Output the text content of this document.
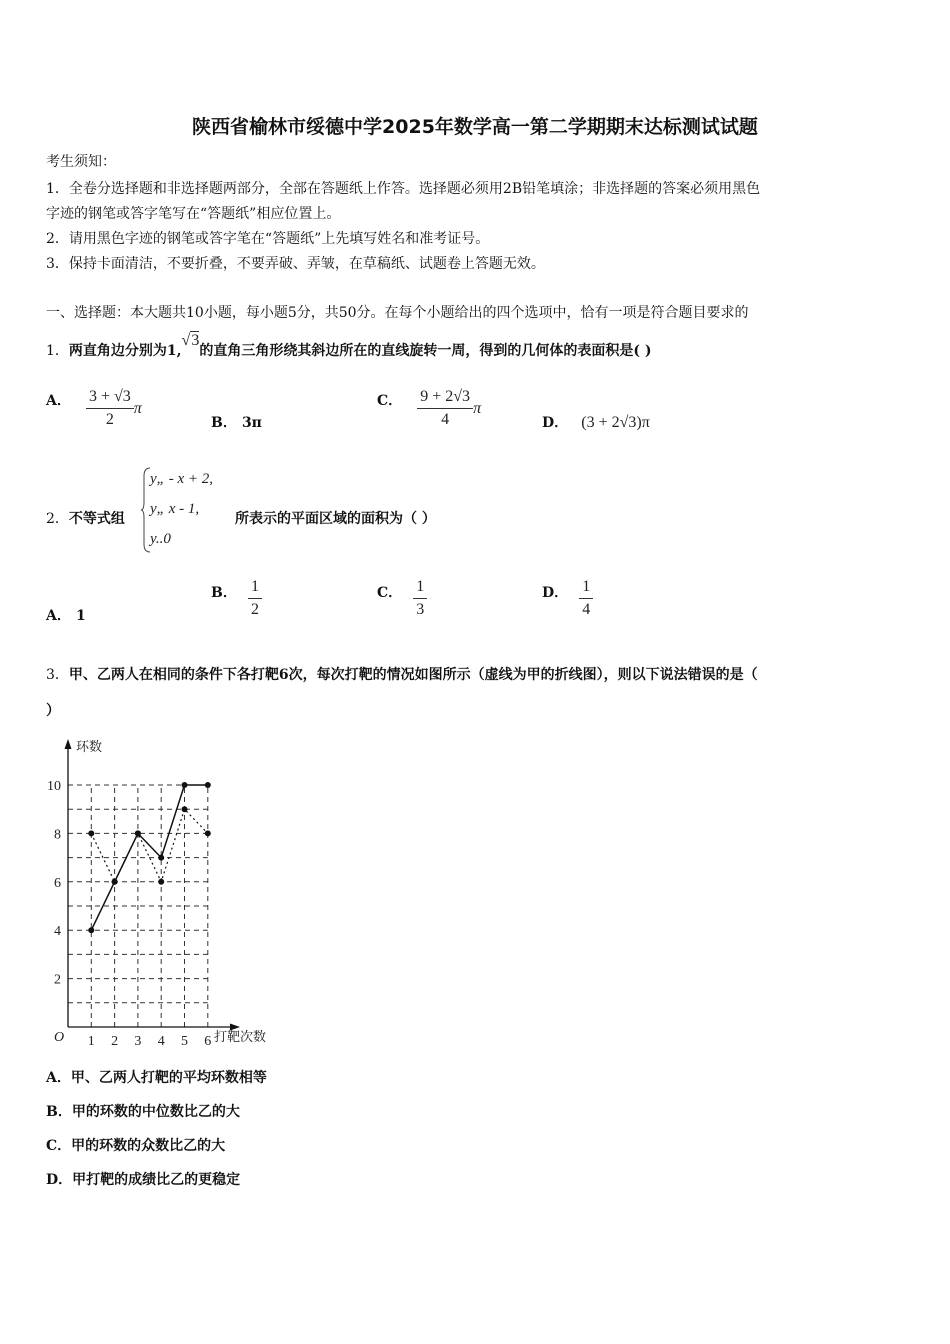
陕西省榆林市绥德中学2025年数学高一第二学期期末达标测试试题
考生须知：
1．全卷分选择题和非选择题两部分，全部在答题纸上作答。选择题必须用2B铅笔填涂；非选择题的答案必须用黑色
字迹的钢笔或答字笔写在“答题纸”相应位置上。
2．请用黑色字迹的钢笔或答字笔在“答题纸”上先填写姓名和准考证号。
3．保持卡面清洁，不要折叠，不要弄破、弄皱，在草稿纸、试题卷上答题无效。
一、选择题：本大题共10小题，每小题5分，共50分。在每个小题给出的四个选项中，恰有一项是符合题目要求的
1．两直角边分别为1,√3的直角三角形绕其斜边所在的直线旋转一周，得到的几何体的表面积是( )
A． $\frac{3 + √3}{2}$ π
B． 3π
C． $\frac{9 + 2√3}{4}$ π
D． (3 + 2√3)π
2．不等式组
y„ - x + 2,
y„ x - 1,
y..0
所表示的平面区域的面积为（ ）
A． 1
B． $\frac{1}{2}$	C． $\frac{1}{3}$	D． $\frac{1}{4}$
3．甲、乙两人在相同的条件下各打靶6次，每次打靶的情况如图所示（虚线为甲的折线图），则以下说法错误的是（
）
1 2 3 4 5 6
2
4
6
8
10
环数
打靶次数
O
A．甲、乙两人打靶的平均环数相等
B．甲的环数的中位数比乙的大
C．甲的环数的众数比乙的大
D．甲打靶的成绩比乙的更稳定
